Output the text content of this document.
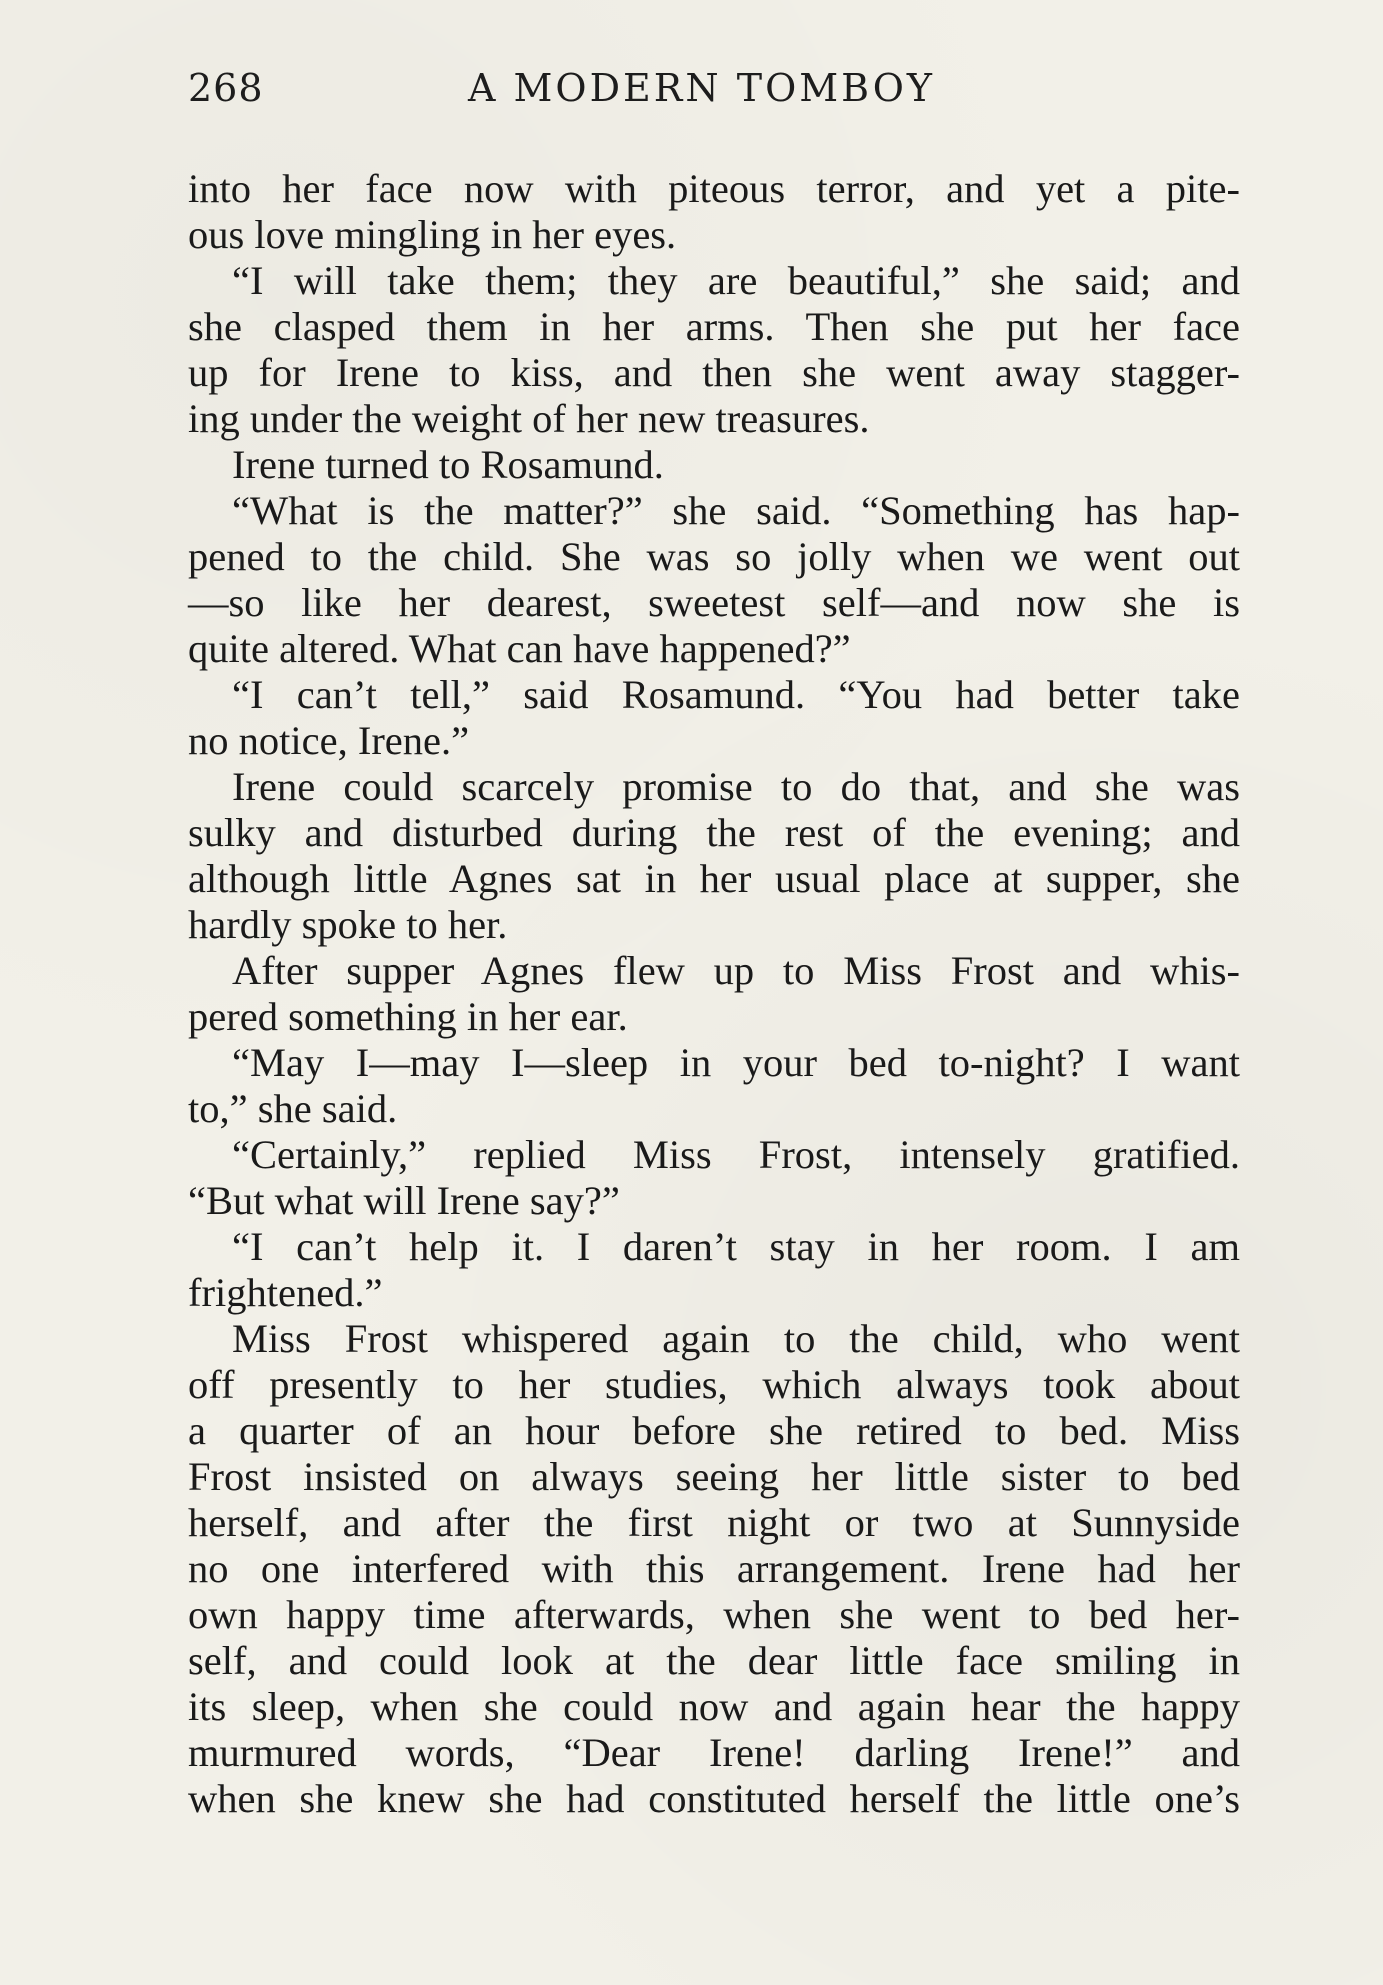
268	A MODERN TOMBOY
into her face now with piteous terror, and yet a pite-
ous love mingling in her eyes.
“I will take them; they are beautiful,” she said; and
she clasped them in her arms. Then she put her face
up for Irene to kiss, and then she went away stagger-
ing under the weight of her new treasures.
Irene turned to Rosamund.
“What is the matter?” she said. “Something has hap-
pened to the child. She was so jolly when we went out
—so like her dearest, sweetest self—and now she is
quite altered. What can have happened?”
“I can’t tell,” said Rosamund. “You had better take
no notice, Irene.”
Irene could scarcely promise to do that, and she was
sulky and disturbed during the rest of the evening; and
although little Agnes sat in her usual place at supper, she
hardly spoke to her.
After supper Agnes flew up to Miss Frost and whis-
pered something in her ear.
“May I—may I—sleep in your bed to-night? I want
to,” she said.
“Certainly,” replied Miss Frost, intensely gratified.
“But what will Irene say?”
“I can’t help it. I daren’t stay in her room. I am
frightened.”
Miss Frost whispered again to the child, who went
off presently to her studies, which always took about
a quarter of an hour before she retired to bed. Miss
Frost insisted on always seeing her little sister to bed
herself, and after the first night or two at Sunnyside
no one interfered with this arrangement. Irene had her
own happy time afterwards, when she went to bed her-
self, and could look at the dear little face smiling in
its sleep, when she could now and again hear the happy
murmured words, “Dear Irene! darling Irene!” and
when she knew she had constituted herself the little one’s
